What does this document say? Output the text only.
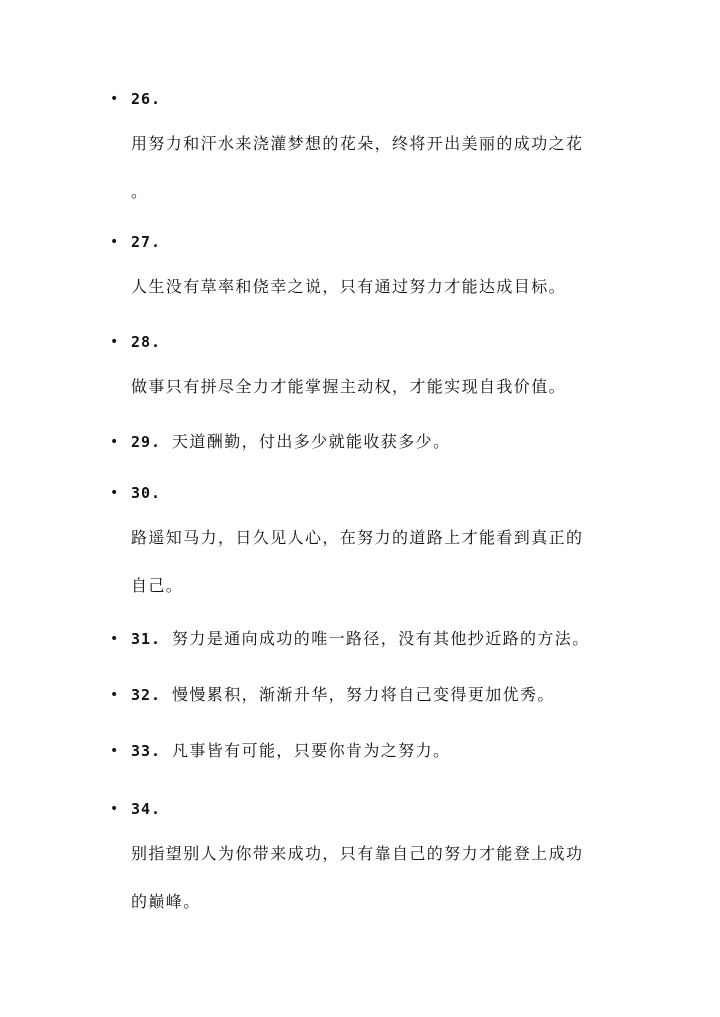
• 26.
用努力和汗水来浇灌梦想的花朵，终将开出美丽的成功之花
。
• 27.
人生没有草率和侥幸之说，只有通过努力才能达成目标。
• 28.
做事只有拼尽全力才能掌握主动权，才能实现自我价值。
• 29. 天道酬勤，付出多少就能收获多少。
• 30.
路遥知马力，日久见人心，在努力的道路上才能看到真正的
自己。
• 31. 努力是通向成功的唯一路径，没有其他抄近路的方法。
• 32. 慢慢累积，渐渐升华，努力将自己变得更加优秀。
• 33. 凡事皆有可能，只要你肯为之努力。
• 34.
别指望别人为你带来成功，只有靠自己的努力才能登上成功
的巅峰。
